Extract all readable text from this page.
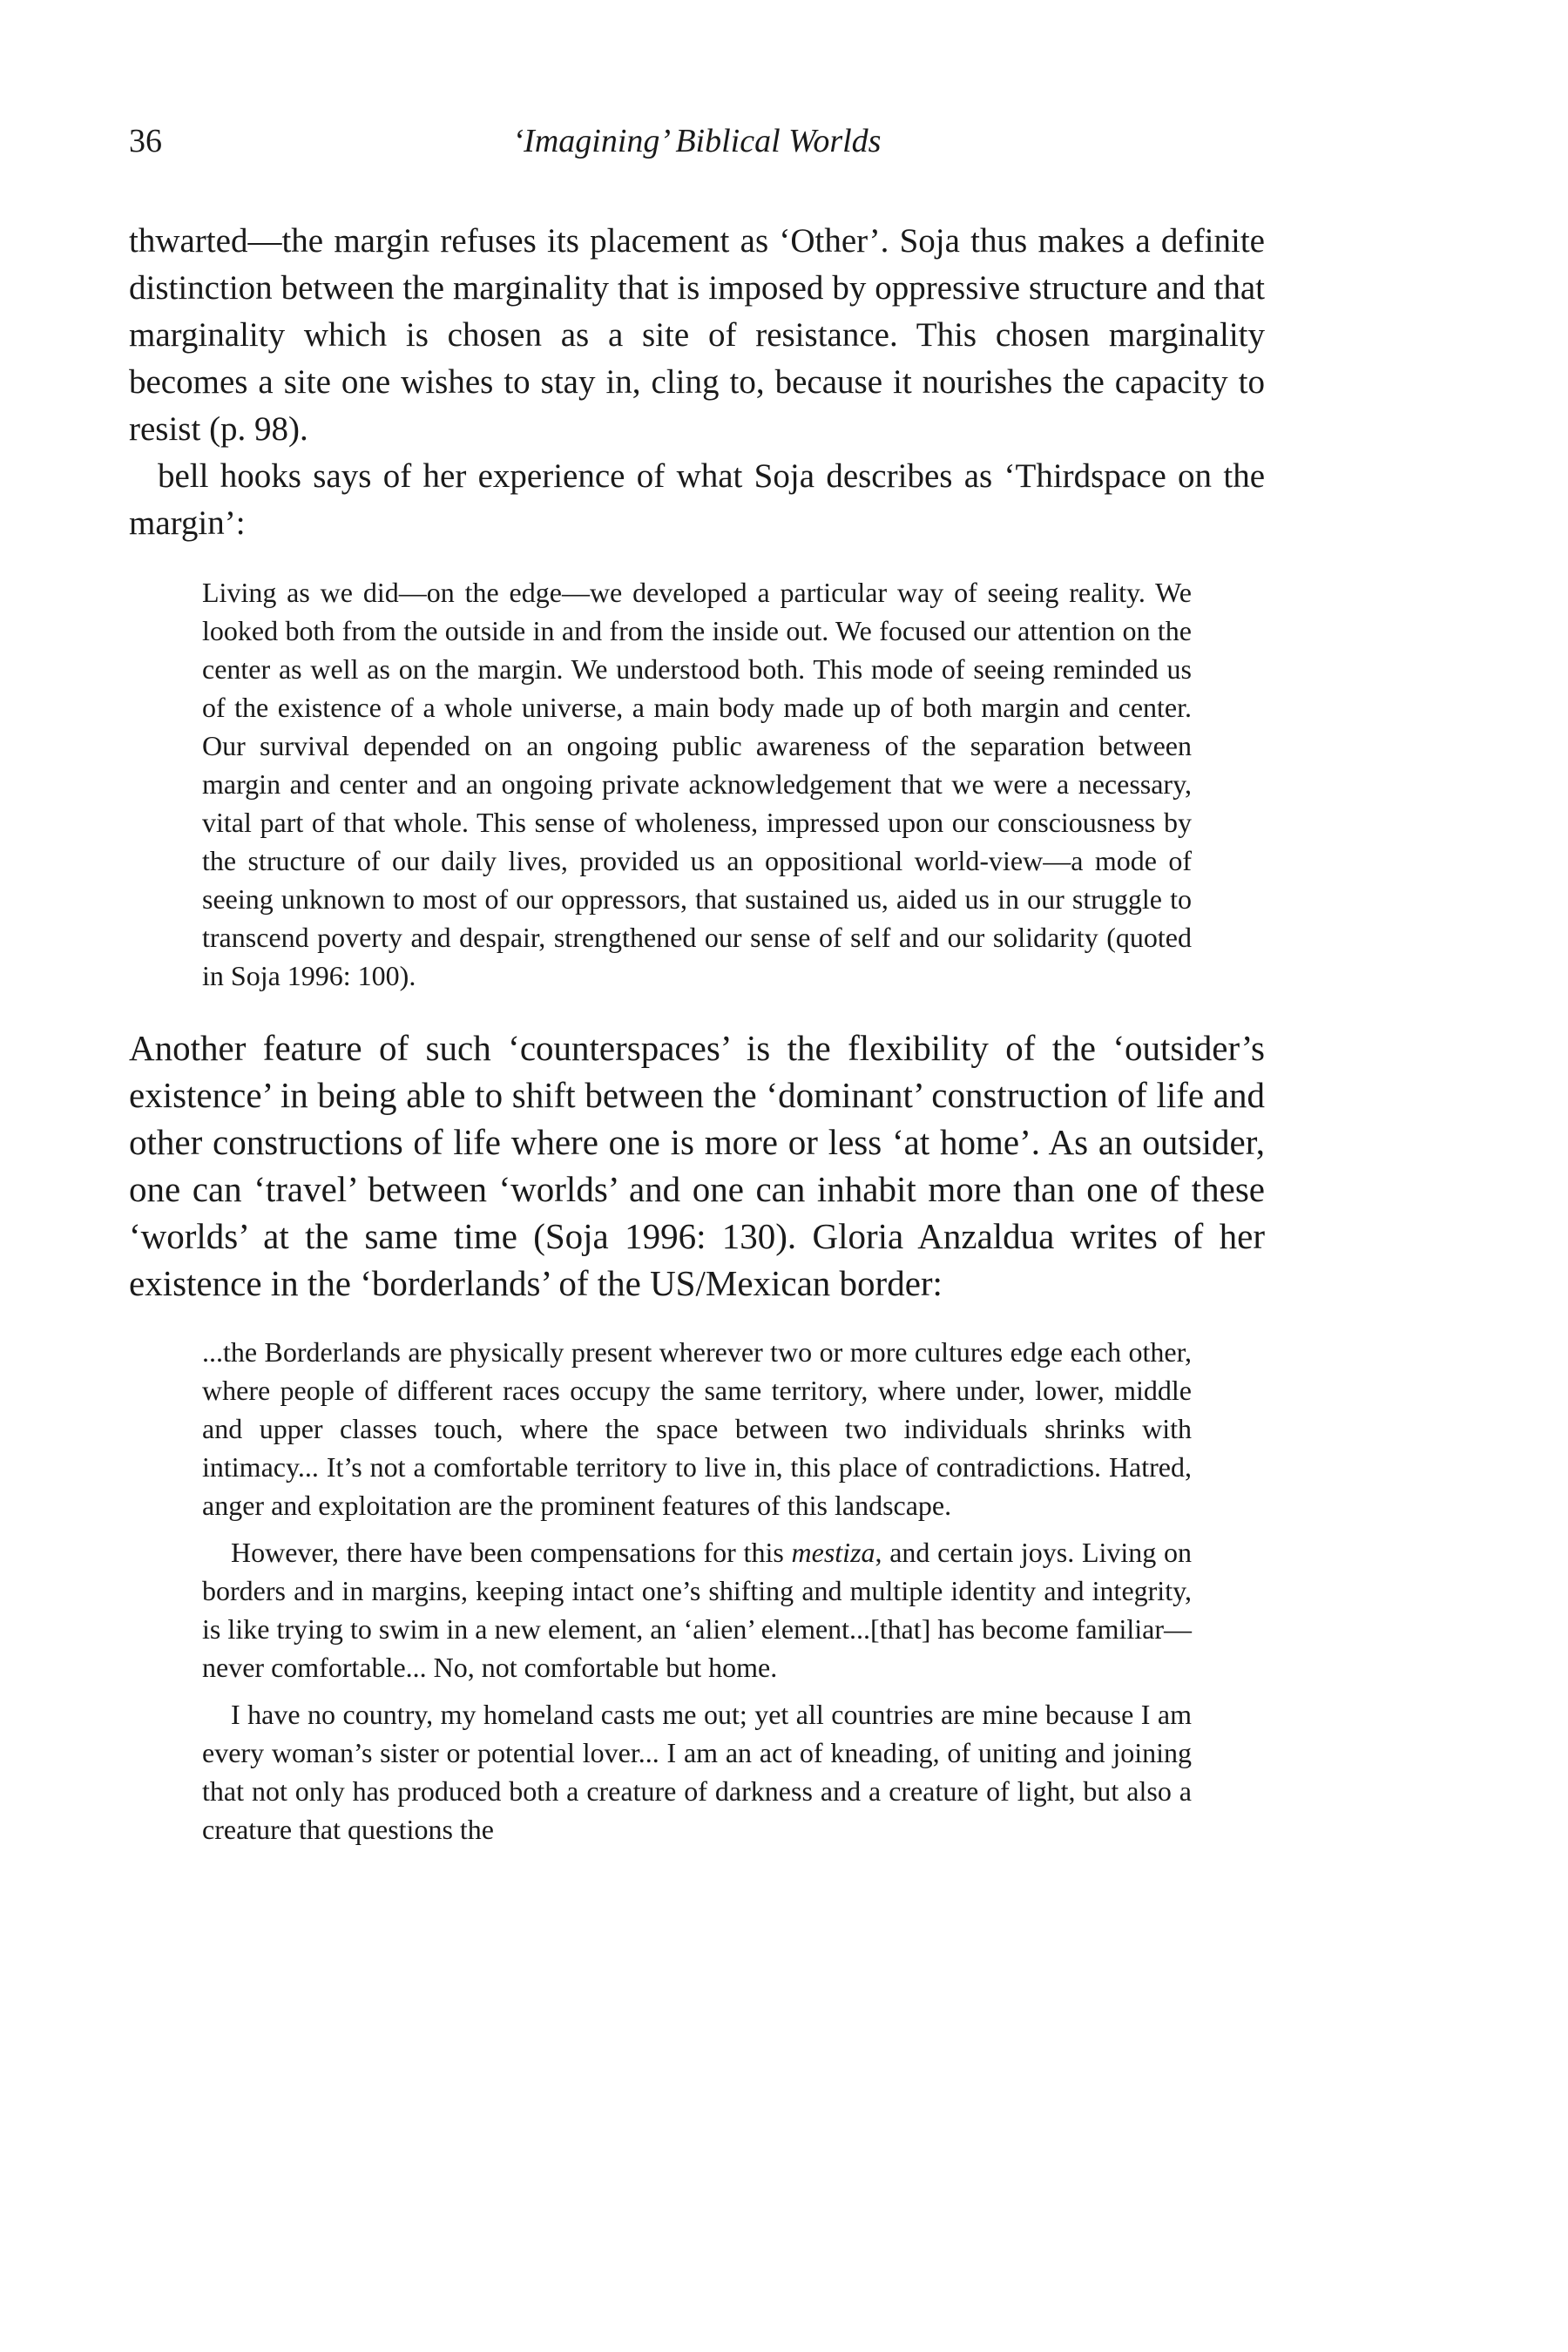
36	‘Imagining’ Biblical Worlds

thwarted—the margin refuses its placement as ‘Other’. Soja thus makes a definite distinction between the marginality that is imposed by oppressive structure and that marginality which is chosen as a site of resistance. This chosen marginality becomes a site one wishes to stay in, cling to, because it nourishes the capacity to resist (p. 98).

bell hooks says of her experience of what Soja describes as ‘Thirdspace on the margin’:

Living as we did—on the edge—we developed a particular way of seeing reality. We looked both from the outside in and from the inside out. We focused our attention on the center as well as on the margin. We understood both. This mode of seeing reminded us of the existence of a whole universe, a main body made up of both margin and center. Our survival depended on an ongoing public awareness of the separation between margin and center and an ongoing private acknowledgement that we were a necessary, vital part of that whole. This sense of wholeness, impressed upon our consciousness by the structure of our daily lives, provided us an oppositional world-view—a mode of seeing unknown to most of our oppressors, that sustained us, aided us in our struggle to transcend poverty and despair, strengthened our sense of self and our solidarity (quoted in Soja 1996: 100).

Another feature of such ‘counterspaces’ is the flexibility of the ‘outsider’s existence’ in being able to shift between the ‘dominant’ construction of life and other constructions of life where one is more or less ‘at home’. As an outsider, one can ‘travel’ between ‘worlds’ and one can inhabit more than one of these ‘worlds’ at the same time (Soja 1996: 130). Gloria Anzaldua writes of her existence in the ‘borderlands’ of the US/Mexican border:

...the Borderlands are physically present wherever two or more cultures edge each other, where people of different races occupy the same territory, where under, lower, middle and upper classes touch, where the space between two individuals shrinks with intimacy... It’s not a comfortable territory to live in, this place of contradictions. Hatred, anger and exploitation are the prominent features of this landscape.

However, there have been compensations for this mestiza, and certain joys. Living on borders and in margins, keeping intact one’s shifting and multiple identity and integrity, is like trying to swim in a new element, an ‘alien’ element...[that] has become familiar—never comfortable... No, not comfortable but home.

I have no country, my homeland casts me out; yet all countries are mine because I am every woman’s sister or potential lover... I am an act of kneading, of uniting and joining that not only has produced both a creature of darkness and a creature of light, but also a creature that questions the
